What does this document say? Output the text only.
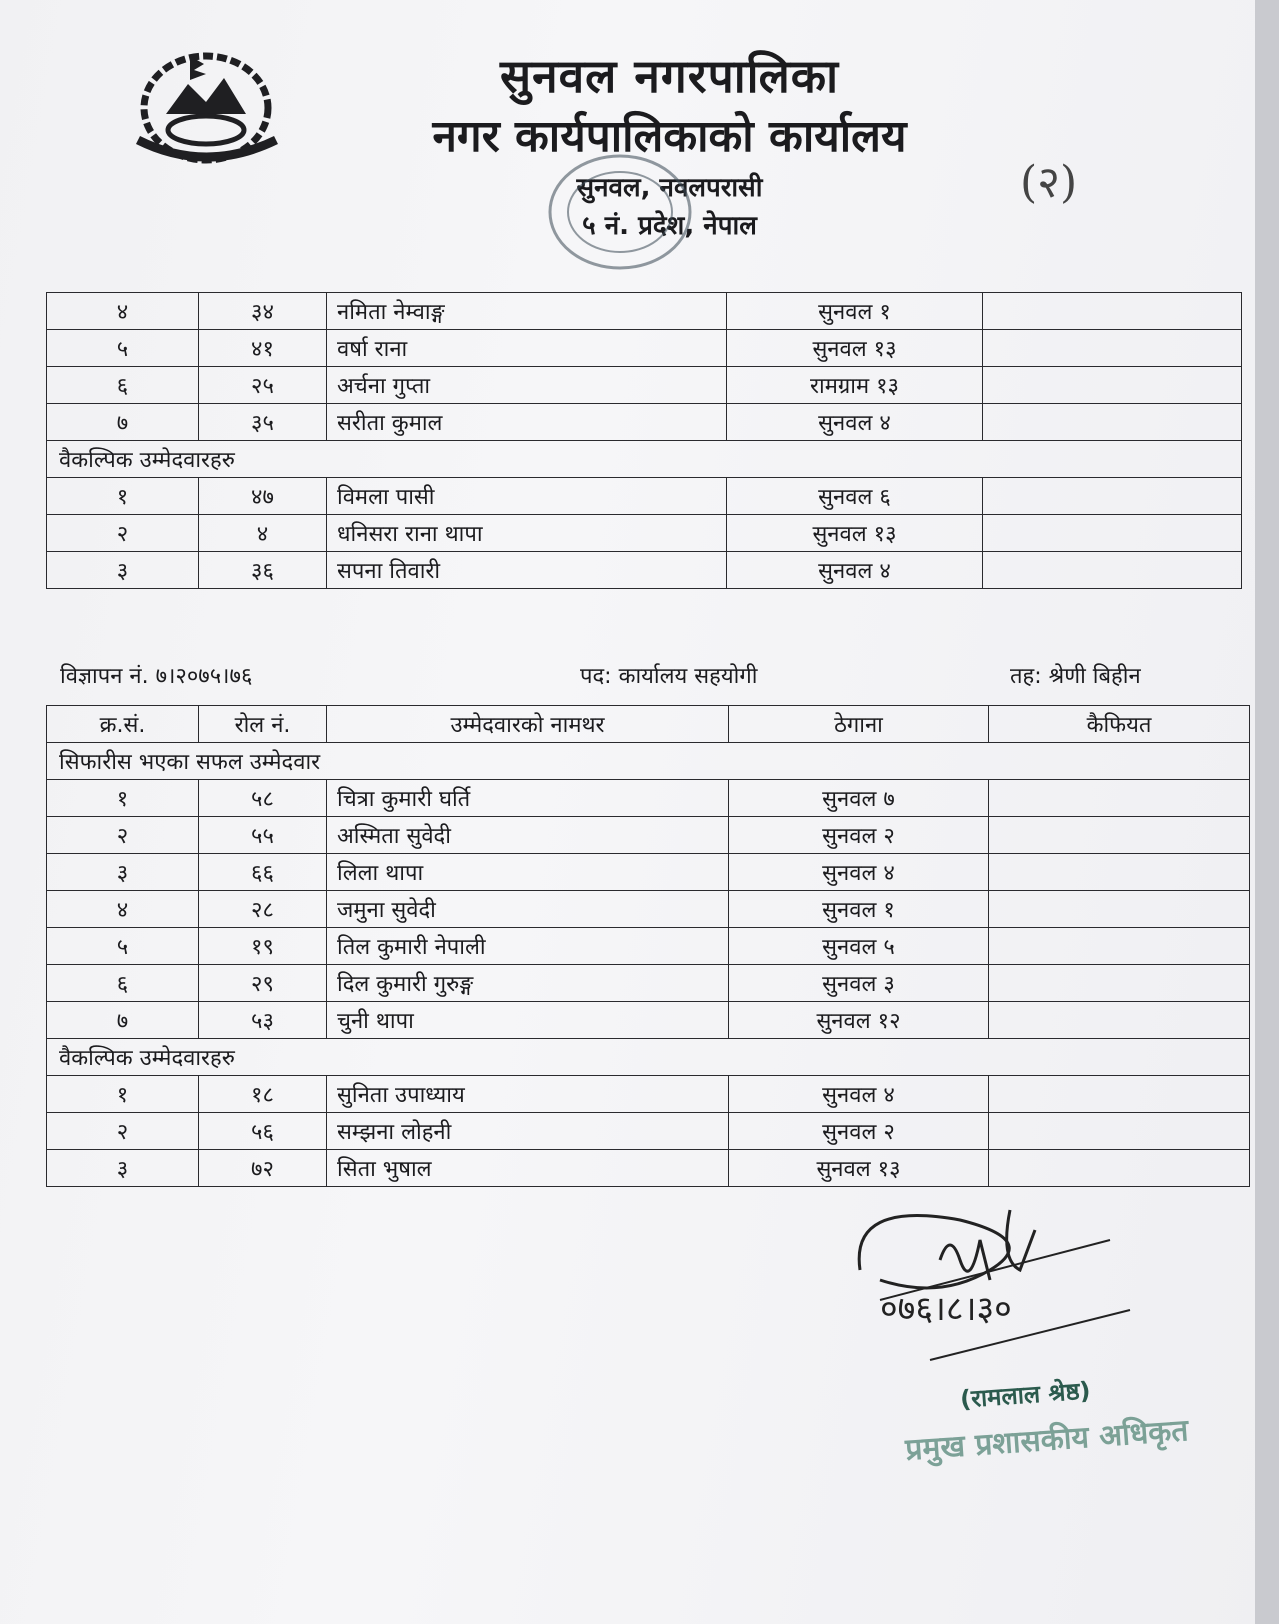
सुनवल नगरपालिका
नगर कार्यपालिकाको कार्यालय
सुनवल, नवलपरासी
५ नं. प्रदेश, नेपाल
(२)
४	३४	नमिता नेम्वाङ्ग	सुनवल १	
५	४१	वर्षा राना	सुनवल १३	
६	२५	अर्चना गुप्ता	रामग्राम १३	
७	३५	सरीता कुमाल	सुनवल ४	
वैकल्पिक उम्मेदवारहरु				
१	४७	विमला पासी	सुनवल ६	
२	४	धनिसरा राना थापा	सुनवल १३	
३	३६	सपना तिवारी	सुनवल ४	
विज्ञापन नं. ७।२०७५।७६	पद: कार्यालय सहयोगी	तह: श्रेणी बिहीन
क्र.सं.	रोल नं.	उम्मेदवारको नामथर	ठेगाना	कैफियत
सिफारीस भएका सफल उम्मेदवार				
१	५८	चित्रा कुमारी घर्ति	सुनवल ७	
२	५५	अस्मिता सुवेदी	सुनवल २	
३	६६	लिला थापा	सुनवल ४	
४	२८	जमुना सुवेदी	सुनवल १	
५	१९	तिल कुमारी नेपाली	सुनवल ५	
६	२९	दिल कुमारी गुरुङ्ग	सुनवल ३	
७	५३	चुनी थापा	सुनवल १२	
वैकल्पिक उम्मेदवारहरु				
१	१८	सुनिता उपाध्याय	सुनवल ४	
२	५६	सम्झना लोहनी	सुनवल २	
३	७२	सिता भुषाल	सुनवल १३	
०७६।८।३०
(रामलाल श्रेष्ठ)
प्रमुख प्रशासकीय अधिकृत
